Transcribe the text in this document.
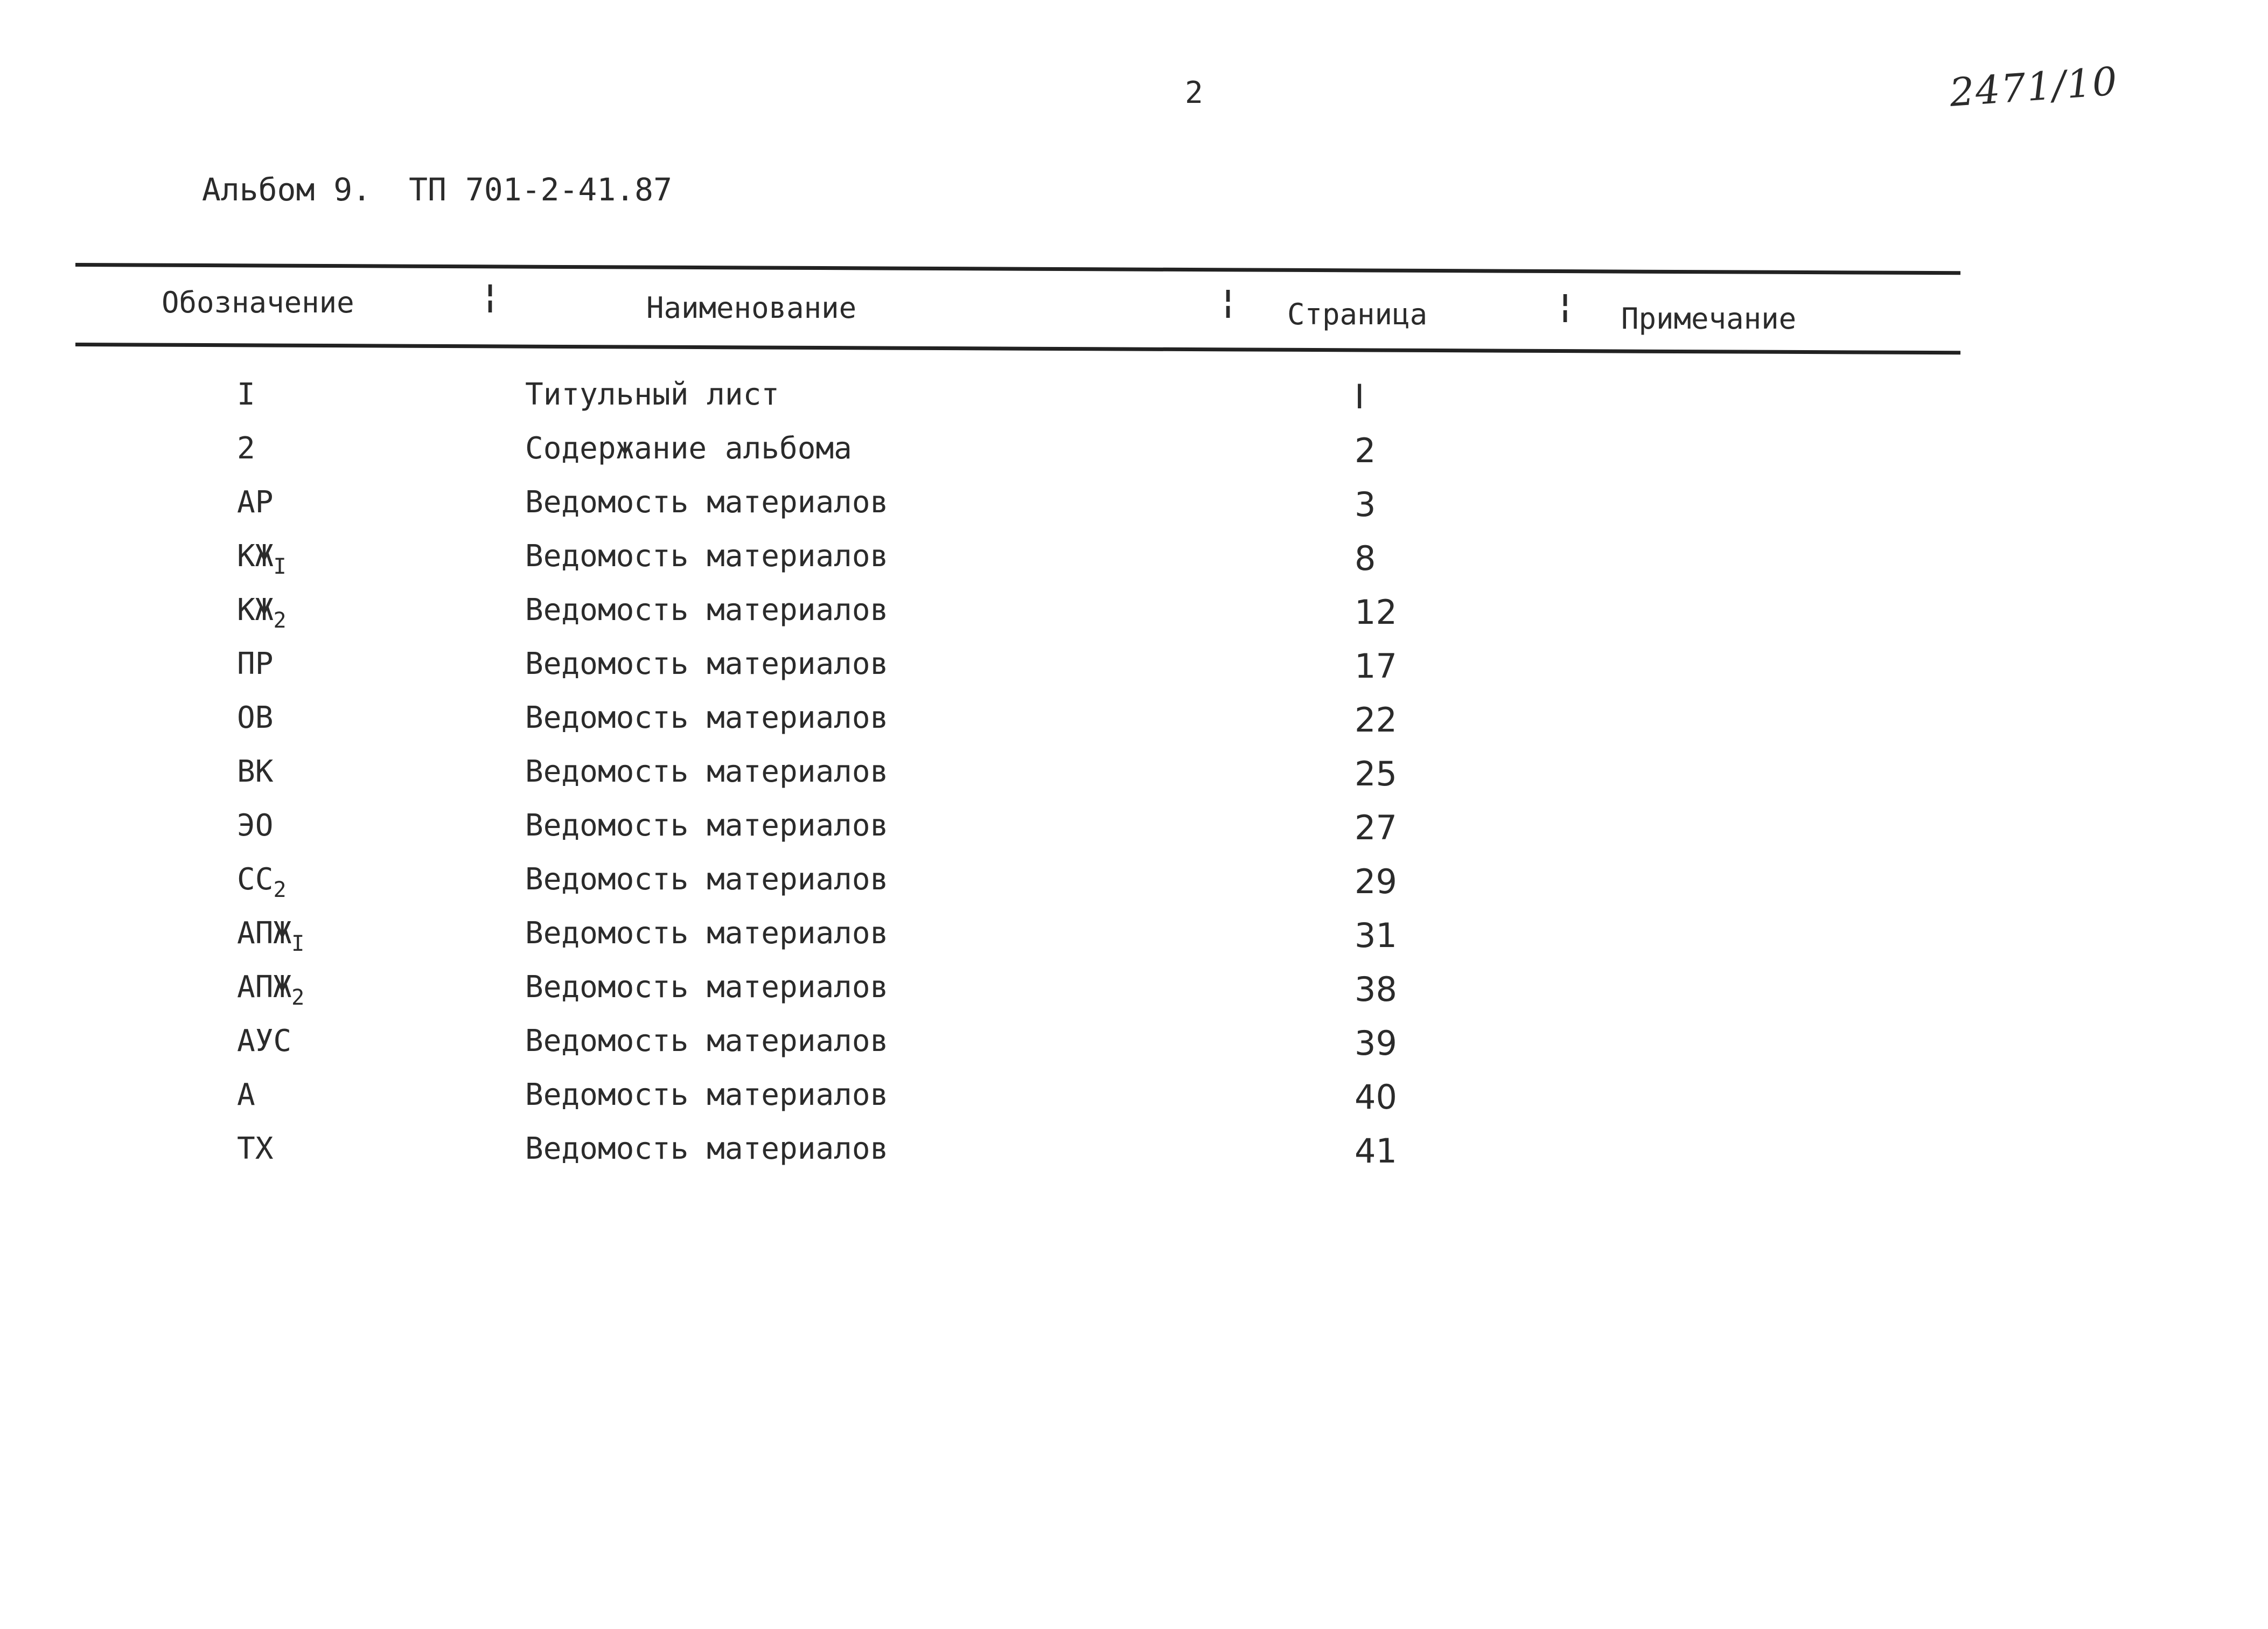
2	2471/10

Альбом 9. ТП 701-2-41.87

Обозначение	¦	Наименование	¦ Страница	¦ Примечание
I	Титульный лист	I
2	Содержание альбома	2
АР	Ведомость материалов	3
$КЖ_I$	Ведомость материалов	8
$КЖ_2$	Ведомость материалов	12
ПР	Ведомость материалов	17
ОВ	Ведомость материалов	22
ВК	Ведомость материалов	25
ЭО	Ведомость материалов	27
$СС_2$	Ведомость материалов	29
$АПЖ_I$	Ведомость материалов	31
$АПЖ_2$	Ведомость материалов	38
АУС	Ведомость материалов	39
А	Ведомость материалов	40
ТХ	Ведомость материалов	41
